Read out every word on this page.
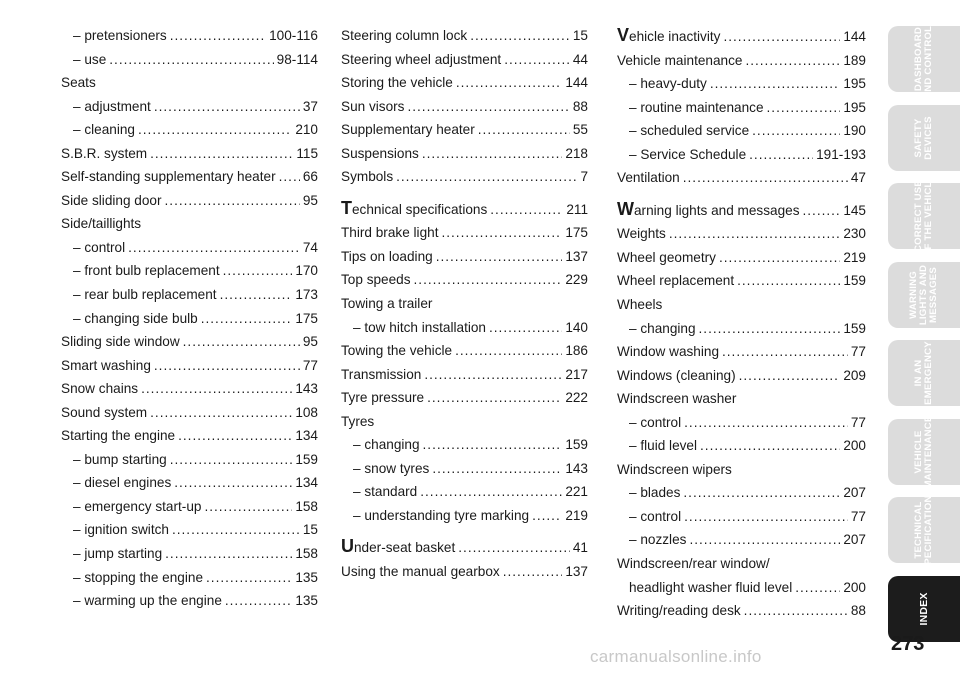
– pretensioners .....	100-116
– use .....	98-114
Seats
– adjustment .....	37
– cleaning .....	210
S.B.R. system .....	115
Self-standing supplementary heater ..... 66
Side sliding door .....	95
Side/taillights
– control .....	74
– front bulb replacement .....	170
– rear bulb replacement .....	173
– changing side bulb .....	175
Sliding side window .....	95
Smart washing .....	77
Snow chains .....	143
Sound system .....	108
Starting the engine .....	134
– bump starting .....	159
– diesel engines .....	134
– emergency start-up .....	158
– ignition switch .....	15
– jump starting .....	158
– stopping the engine .....	135
– warming up the engine .....	135
Steering column lock .....	15
Steering wheel adjustment .....	44
Storing the vehicle .....	144
Sun visors .....	88
Supplementary heater .....	55
Suspensions .....	218
Symbols .....	7
Technical specifications .....	211
Third brake light .....	175
Tips on loading .....	137
Top speeds .....	229
Towing a trailer
– tow hitch installation .....	140
Towing the vehicle .....	186
Transmission .....	217
Tyre pressure .....	222
Tyres
– changing .....	159
– snow tyres .....	143
– standard .....	221
– understanding tyre marking .....	219
Under-seat basket .....	41
Using the manual gearbox .....	137
Vehicle inactivity .....	144
Vehicle maintenance .....	189
– heavy-duty .....	195
– routine maintenance .....	195
– scheduled service .....	190
– Service Schedule .....	191-193
Ventilation .....	47
Warning lights and messages .....	145
Weights .....	230
Wheel geometry .....	219
Wheel replacement .....	159
Wheels
– changing .....	159
Window washing .....	77
Windows (cleaning) .....	209
Windscreen washer
– control .....	77
– fluid level .....	200
Windscreen wipers
– blades .....	207
– control .....	77
– nozzles .....	207
Windscreen/rear window/
headlight washer fluid level .....	200
Writing/reading desk .....	88
DASHBOARD
AND CONTROLS
SAFETY
DEVICES
CORRECT USE
OF THE VEHICLE
WARNING
LIGHTS AND
MESSAGES
IN AN
EMERGENCY
VEHICLE
MAINTENANCE
TECHNICAL
SPECIFICATIONS
INDEX
273
carmanualsonline.info
